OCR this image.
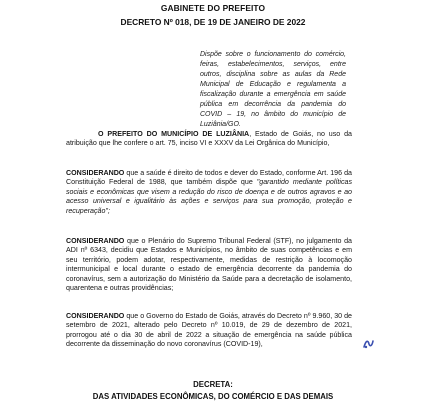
GABINETE DO PREFEITO
DECRETO Nº 018, DE 19 DE JANEIRO DE 2022
Dispõe sobre o funcionamento do comércio, feiras, estabelecimentos, serviços, entre outros, disciplina sobre as aulas da Rede Municipal de Educação e regulamenta a fiscalização durante a emergência em saúde pública em decorrência da pandemia do COVID – 19, no âmbito do município de Luziânia/GO.
O PREFEITO DO MUNICÍPIO DE LUZIÂNIA, Estado de Goiás, no uso da atribuição que lhe confere o art. 75, inciso VI e XXXV da Lei Orgânica do Município,
CONSIDERANDO que a saúde é direito de todos e dever do Estado, conforme Art. 196 da Constituição Federal de 1988, que também dispõe que "garantido mediante políticas sociais e econômicas que visem a redução do risco de doença e de outros agravos e ao acesso universal e igualitário às ações e serviços para sua promoção, proteção e recuperação";
CONSIDERANDO que o Plenário do Supremo Tribunal Federal (STF), no julgamento da ADI nº 6343, decidiu que Estados e Municípios, no âmbito de suas competências e em seu território, podem adotar, respectivamente, medidas de restrição à locomoção intermunicipal e local durante o estado de emergência decorrente da pandemia do coronavírus, sem a autorização do Ministério da Saúde para a decretação de isolamento, quarentena e outras providências;
CONSIDERANDO que o Governo do Estado de Goiás, através do Decreto nº 9.960, 30 de setembro de 2021, alterado pelo Decreto nº 10.019, de 29 de dezembro de 2021, prorrogou até o dia 30 de abril de 2022 a situação de emergência na saúde pública decorrente da disseminação do novo coronavírus (COVID-19),
DECRETA:
DAS ATIVIDADES ECONÔMICAS, DO COMÉRCIO E DAS DEMAIS
